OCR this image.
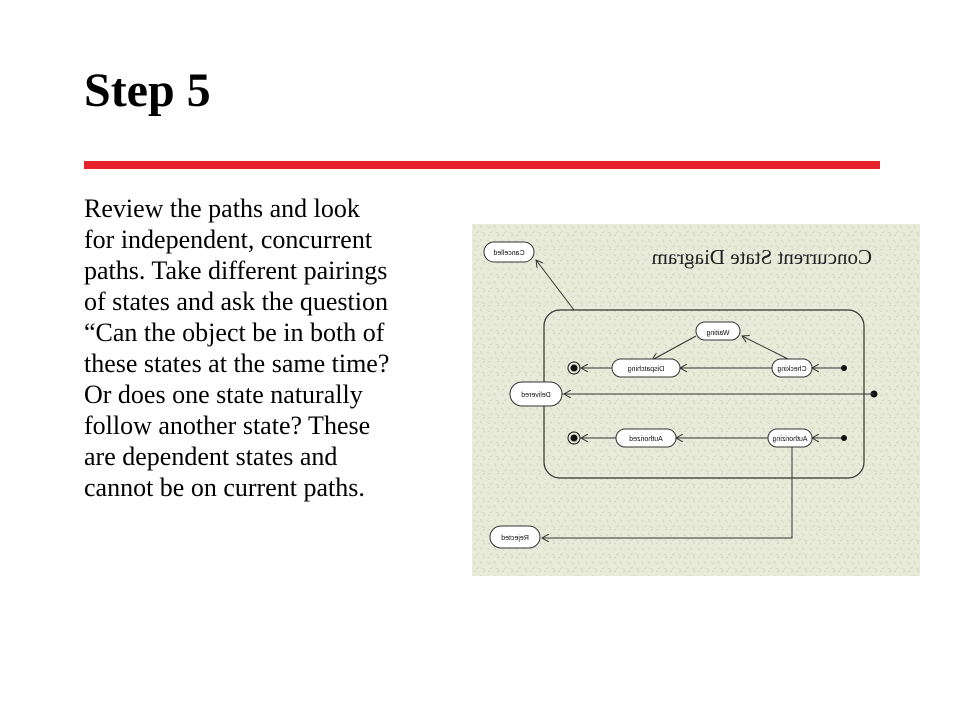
Step 5
Review the paths and look
for independent, concurrent
paths. Take different pairings
of states and ask the question
“Can the object be in both of
these states at the same time?
Or does one state naturally
follow another state? These
are dependent states and
cannot be on current paths.
Concurrent State Diagram
Waiting
Checking
Dispatching
Authorizing
Authorized
Cancelled
Delivered
Rejected
